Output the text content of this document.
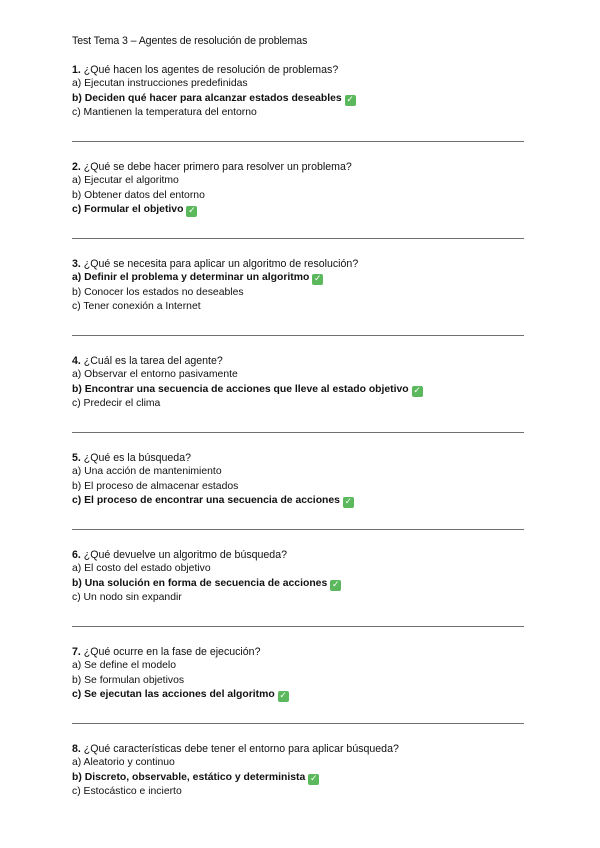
Test Tema 3 – Agentes de resolución de problemas

1. ¿Qué hacen los agentes de resolución de problemas?

a) Ejecutan instrucciones predefinidas

b) Deciden qué hacer para alcanzar estados deseables ✓

c) Mantienen la temperatura del entorno

2. ¿Qué se debe hacer primero para resolver un problema?

a) Ejecutar el algoritmo

b) Obtener datos del entorno

c) Formular el objetivo ✓

3. ¿Qué se necesita para aplicar un algoritmo de resolución?

a) Definir el problema y determinar un algoritmo ✓

b) Conocer los estados no deseables

c) Tener conexión a Internet

4. ¿Cuál es la tarea del agente?

a) Observar el entorno pasivamente

b) Encontrar una secuencia de acciones que lleve al estado objetivo ✓

c) Predecir el clima

5. ¿Qué es la búsqueda?

a) Una acción de mantenimiento

b) El proceso de almacenar estados

c) El proceso de encontrar una secuencia de acciones ✓

6. ¿Qué devuelve un algoritmo de búsqueda?

a) El costo del estado objetivo

b) Una solución en forma de secuencia de acciones ✓

c) Un nodo sin expandir

7. ¿Qué ocurre en la fase de ejecución?

a) Se define el modelo

b) Se formulan objetivos

c) Se ejecutan las acciones del algoritmo ✓

8. ¿Qué características debe tener el entorno para aplicar búsqueda?

a) Aleatorio y continuo

b) Discreto, observable, estático y determinista ✓

c) Estocástico e incierto
